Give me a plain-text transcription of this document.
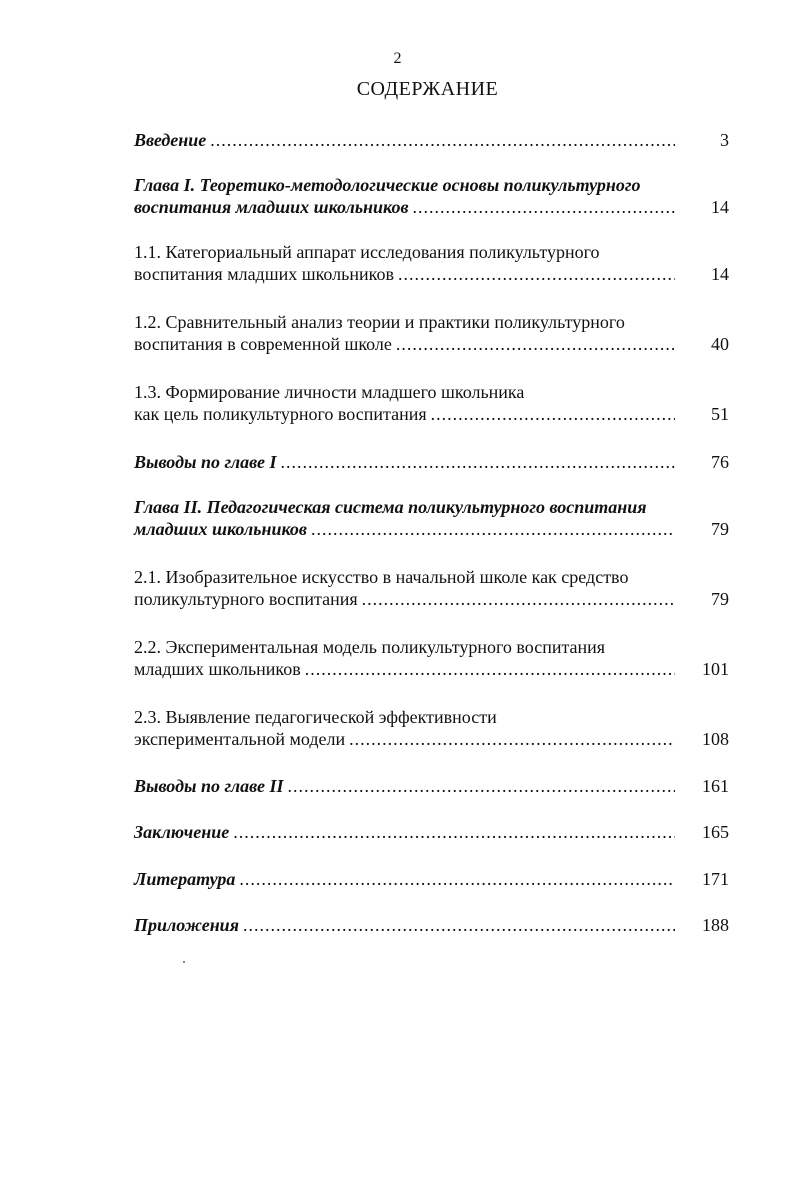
2
СОДЕРЖАНИЕ
Введение .....	3
Глава I. Теоретико-методологические основы поликультурного
воспитания младших школьников .....	14
1.1. Категориальный аппарат исследования поликультурного
воспитания младших школьников .....	14
1.2. Сравнительный анализ теории и практики поликультурного
воспитания в современной школе .....	40
1.3. Формирование личности младшего школьника
как цель поликультурного воспитания .....	51
Выводы по главе I .....	76
Глава II. Педагогическая система поликультурного воспитания
младших школьников .....	79
2.1. Изобразительное искусство в начальной школе как средство
поликультурного воспитания .....	79
2.2. Экспериментальная модель поликультурного воспитания
младших школьников .....	101
2.3. Выявление педагогической эффективности
экспериментальной модели .....	108
Выводы по главе II .....	161
Заключение .....	165
Литература .....	171
Приложения .....	188
